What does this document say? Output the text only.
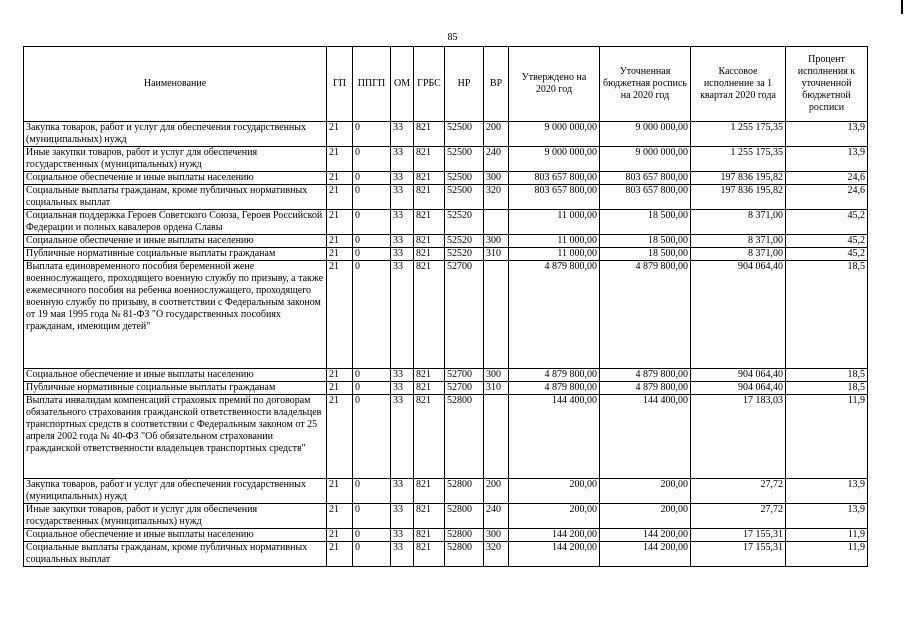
85
Наименование	ГП	ППГП	ОМ	ГРБС	НР	ВР	Утверждено на 2020 год	Уточненная бюджетная роспись на 2020 год	Кассовое исполнение за 1 квартал 2020 года	Процент исполнения к уточненной бюджетной росписи
Закупка товаров, работ и услуг для обеспечения государственных (муниципальных) нужд	21	0	33	821	52500	200	9 000 000,00	9 000 000,00	1 255 175,35	13,9
Иные закупки товаров, работ и услуг для обеспечения государственных (муниципальных) нужд	21	0	33	821	52500	240	9 000 000,00	9 000 000,00	1 255 175,35	13,9
Социальное обеспечение и иные выплаты населению	21	0	33	821	52500	300	803 657 800,00	803 657 800,00	197 836 195,82	24,6
Социальные выплаты гражданам, кроме публичных нормативных социальных выплат	21	0	33	821	52500	320	803 657 800,00	803 657 800,00	197 836 195,82	24,6
Социальная поддержка Героев Советского Союза, Героев Российской Федерации и полных кавалеров ордена Славы	21	0	33	821	52520		11 000,00	18 500,00	8 371,00	45,2
Социальное обеспечение и иные выплаты населению	21	0	33	821	52520	300	11 000,00	18 500,00	8 371,00	45,2
Публичные нормативные социальные выплаты гражданам	21	0	33	821	52520	310	11 000,00	18 500,00	8 371,00	45,2
Выплата единовременного пособия беременной жене военнослужащего, проходящего военную службу по призыву, а также ежемесячного пособия на ребенка военнослужащего, проходящего военную службу по призыву, в соответствии с Федеральным законом от 19 мая 1995 года № 81-ФЗ "О государственных пособиях гражданам, имеющим детей"	21	0	33	821	52700		4 879 800,00	4 879 800,00	904 064,40	18,5
Социальное обеспечение и иные выплаты населению	21	0	33	821	52700	300	4 879 800,00	4 879 800,00	904 064,40	18,5
Публичные нормативные социальные выплаты гражданам	21	0	33	821	52700	310	4 879 800,00	4 879 800,00	904 064,40	18,5
Выплата инвалидам компенсаций страховых премий по договорам обязательного страхования гражданской ответственности владельцев транспортных средств в соответствии с Федеральным законом от 25 апреля 2002 года № 40-ФЗ "Об обязательном страховании гражданской ответственности владельцев транспортных средств"	21	0	33	821	52800		144 400,00	144 400,00	17 183,03	11,9
Закупка товаров, работ и услуг для обеспечения государственных (муниципальных) нужд	21	0	33	821	52800	200	200,00	200,00	27,72	13,9
Иные закупки товаров, работ и услуг для обеспечения государственных (муниципальных) нужд	21	0	33	821	52800	240	200,00	200,00	27,72	13,9
Социальное обеспечение и иные выплаты населению	21	0	33	821	52800	300	144 200,00	144 200,00	17 155,31	11,9
Социальные выплаты гражданам, кроме публичных нормативных социальных выплат	21	0	33	821	52800	320	144 200,00	144 200,00	17 155,31	11,9
